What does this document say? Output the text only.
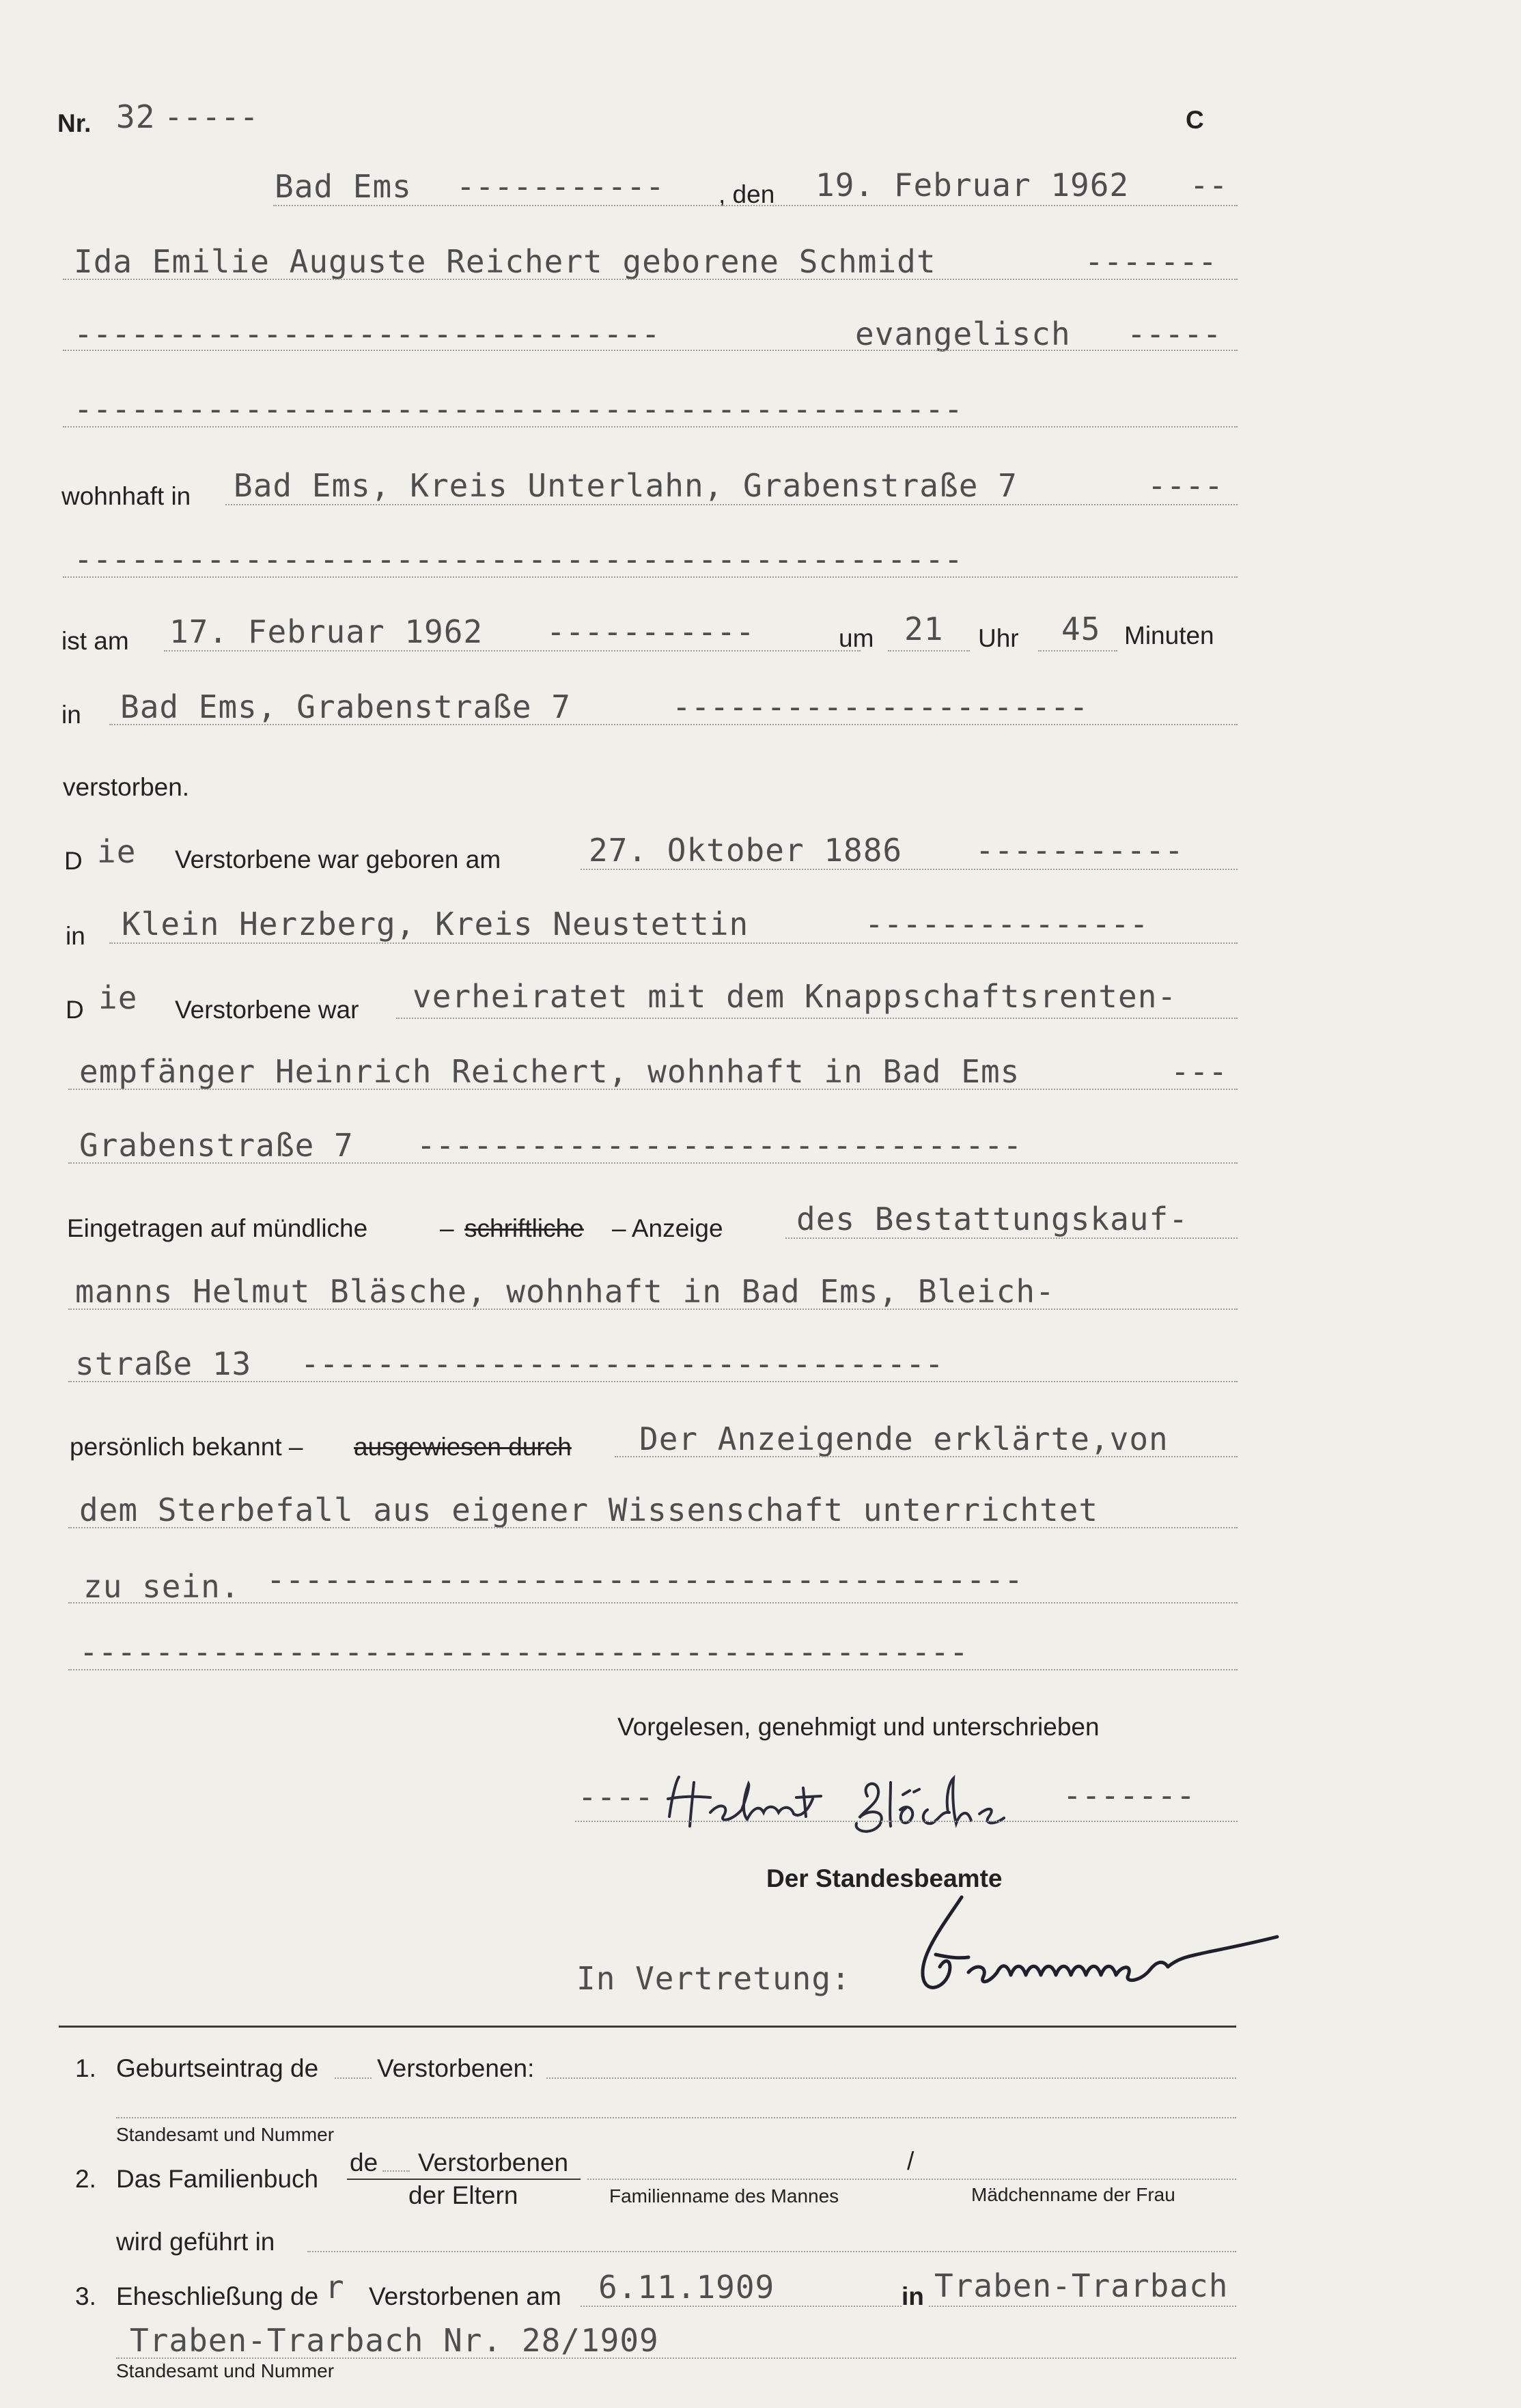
Nr. 32 -----	C
Bad Ems ----------- , den 19. Februar 1962 --
Ida Emilie Auguste Reichert geborene Schmidt	-------
-------------------------------	evangelisch -----
-----------------------------------------------
wohnhaft in Bad Ems, Kreis Unterlahn, Grabenstraße 7	----
-----------------------------------------------
ist am 17. Februar 1962 -----------	um 21 Uhr 45 Minuten
in Bad Ems, Grabenstraße 7	----------------------
verstorben.
D ie Verstorbene war geboren am	27. Oktober 1886 -----------
in Klein Herzberg, Kreis Neustettin	---------------
D ie Verstorbene war verheiratet mit dem Knappschaftsrenten-
empfänger Heinrich Reichert, wohnhaft in Bad Ems	---
Grabenstraße 7 --------------------------------
Eingetragen auf mündliche	– schriftliche – Anzeige des Bestattungskauf-
manns Helmut Bläsche, wohnhaft in Bad Ems, Bleich-
straße 13 ----------------------------------
persönlich bekannt – ausgewiesen durch Der Anzeigende erklärte,von
dem Sterbefall aus eigener Wissenschaft unterrichtet
zu sein. ----------------------------------------
-----------------------------------------------
Vorgelesen, genehmigt und unterschrieben
----	-------
Der Standesbeamte
In Vertretung:
1. Geburtseintrag de Verstorbenen:
Standesamt und Nummer
2. Das Familienbuch
de Verstorbenen
der Eltern
/
Familienname des Mannes	Mädchenname der Frau
wird geführt in
3. Eheschließung de r Verstorbenen am 6.11.1909	in Traben-Trarbach
Traben-Trarbach Nr. 28/1909
Standesamt und Nummer
